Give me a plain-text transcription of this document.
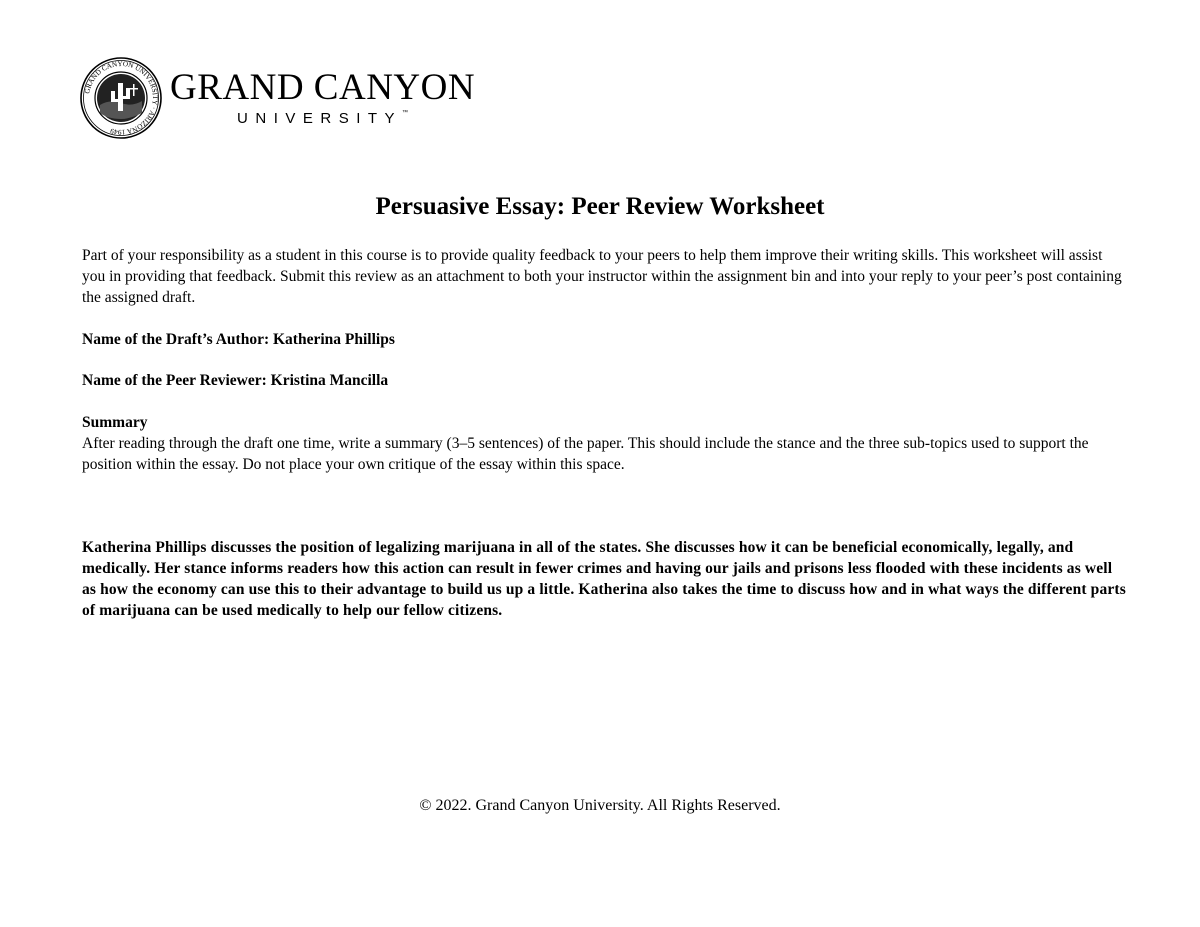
GRAND CANYON UNIVERSITY · ARIZONA 1949
GRAND CANYON
UNIVERSITY™
Persuasive Essay: Peer Review Worksheet
Part of your responsibility as a student in this course is to provide quality feedback to your peers to help them improve their writing skills. This worksheet will assist you in providing that feedback. Submit this review as an attachment to both your instructor within the assignment bin and into your reply to your peer’s post containing the assigned draft.
Name of the Draft’s Author: Katherina Phillips
Name of the Peer Reviewer: Kristina Mancilla
Summary
After reading through the draft one time, write a summary (3–5 sentences) of the paper. This should include the stance and the three sub-topics used to support the position within the essay. Do not place your own critique of the essay within this space.
Katherina Phillips discusses the position of legalizing marijuana in all of the states. She discusses how it can be beneficial economically, legally, and medically. Her stance informs readers how this action can result in fewer crimes and having our jails and prisons less flooded with these incidents as well as how the economy can use this to their advantage to build us up a little. Katherina also takes the time to discuss how and in what ways the different parts of marijuana can be used medically to help our fellow citizens.
© 2022. Grand Canyon University. All Rights Reserved.
